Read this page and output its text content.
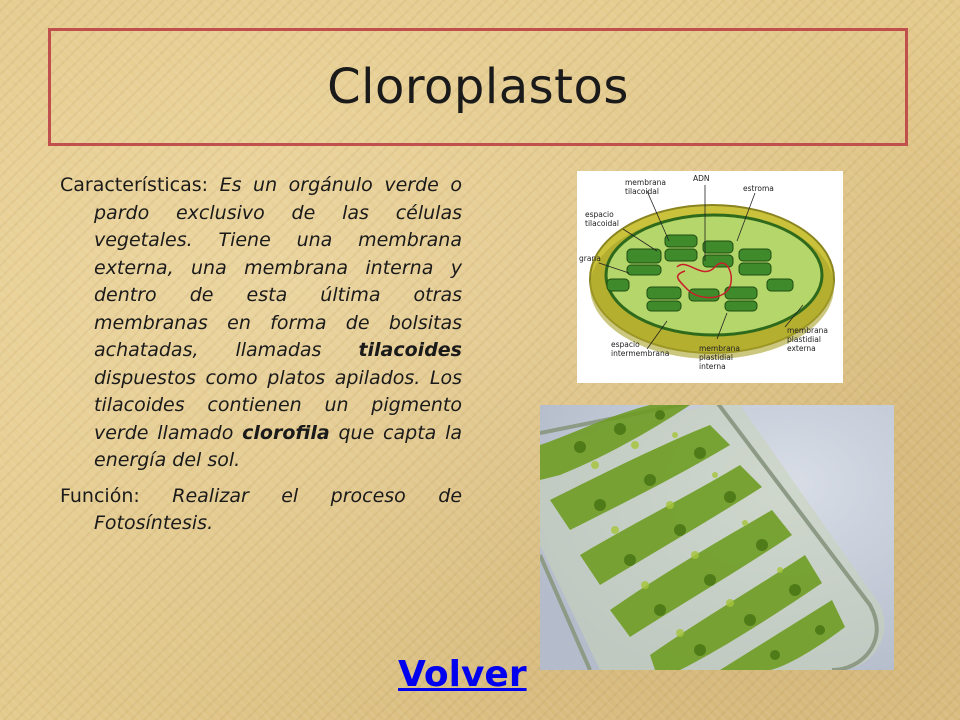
Cloroplastos

Características: Es un orgánulo verde o pardo exclusivo de las células vegetales. Tiene una membrana externa, una membrana interna y dentro de esta última otras membranas en forma de bolsitas achatadas, llamadas tilacoides dispuestos como platos apilados. Los tilacoides contienen un pigmento verde llamado clorofila que capta la energía del sol.

Función: Realizar el proceso de Fotosíntesis.

membrana
tilacoidal
ADN
estroma
espacio
tilacoidal
grana
espacio
intermembrana
membrana
plastidial
interna
membrana
plastidial
externa
Volver
